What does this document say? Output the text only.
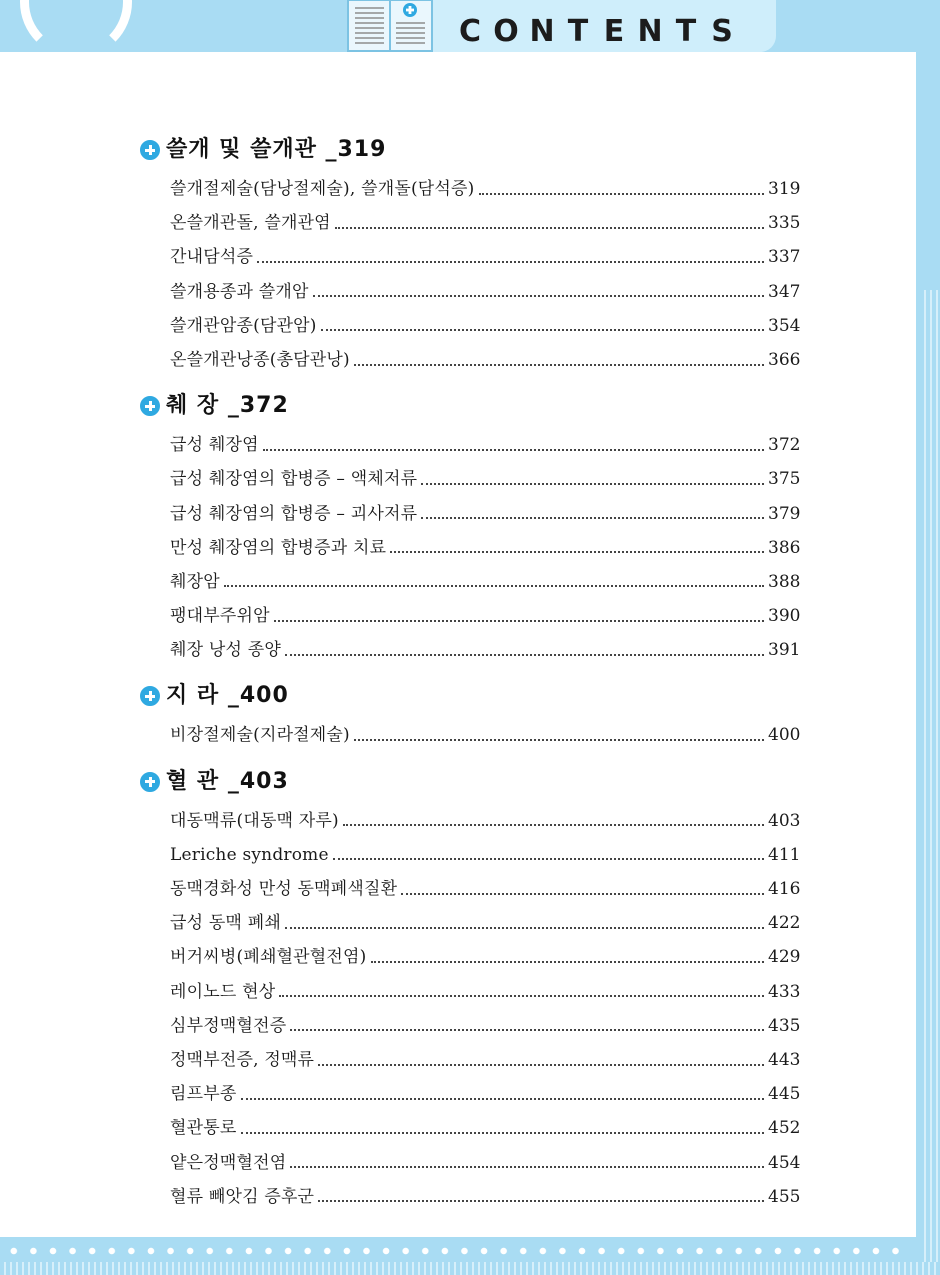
C O N T E N T S
쓸개 및 쓸개관 _319
쓸개절제술(담낭절제술), 쓸개돌(담석증)	319
온쓸개관돌, 쓸개관염	335
간내담석증	337
쓸개용종과 쓸개암	347
쓸개관암종(담관암)	354
온쓸개관낭종(총담관낭)	366
췌 장 _372
급성 췌장염	372
급성 췌장염의 합병증 – 액체저류	375
급성 췌장염의 합병증 – 괴사저류	379
만성 췌장염의 합병증과 치료	386
췌장암	388
팽대부주위암	390
췌장 낭성 종양	391
지 라 _400
비장절제술(지라절제술)	400
혈 관 _403
대동맥류(대동맥 자루)	403
Leriche syndrome	411
동맥경화성 만성 동맥폐색질환	416
급성 동맥 폐쇄	422
버거씨병(폐쇄혈관혈전염)	429
레이노드 현상	433
심부정맥혈전증	435
정맥부전증, 정맥류	443
림프부종	445
혈관통로	452
얕은정맥혈전염	454
혈류 빼앗김 증후군	455
